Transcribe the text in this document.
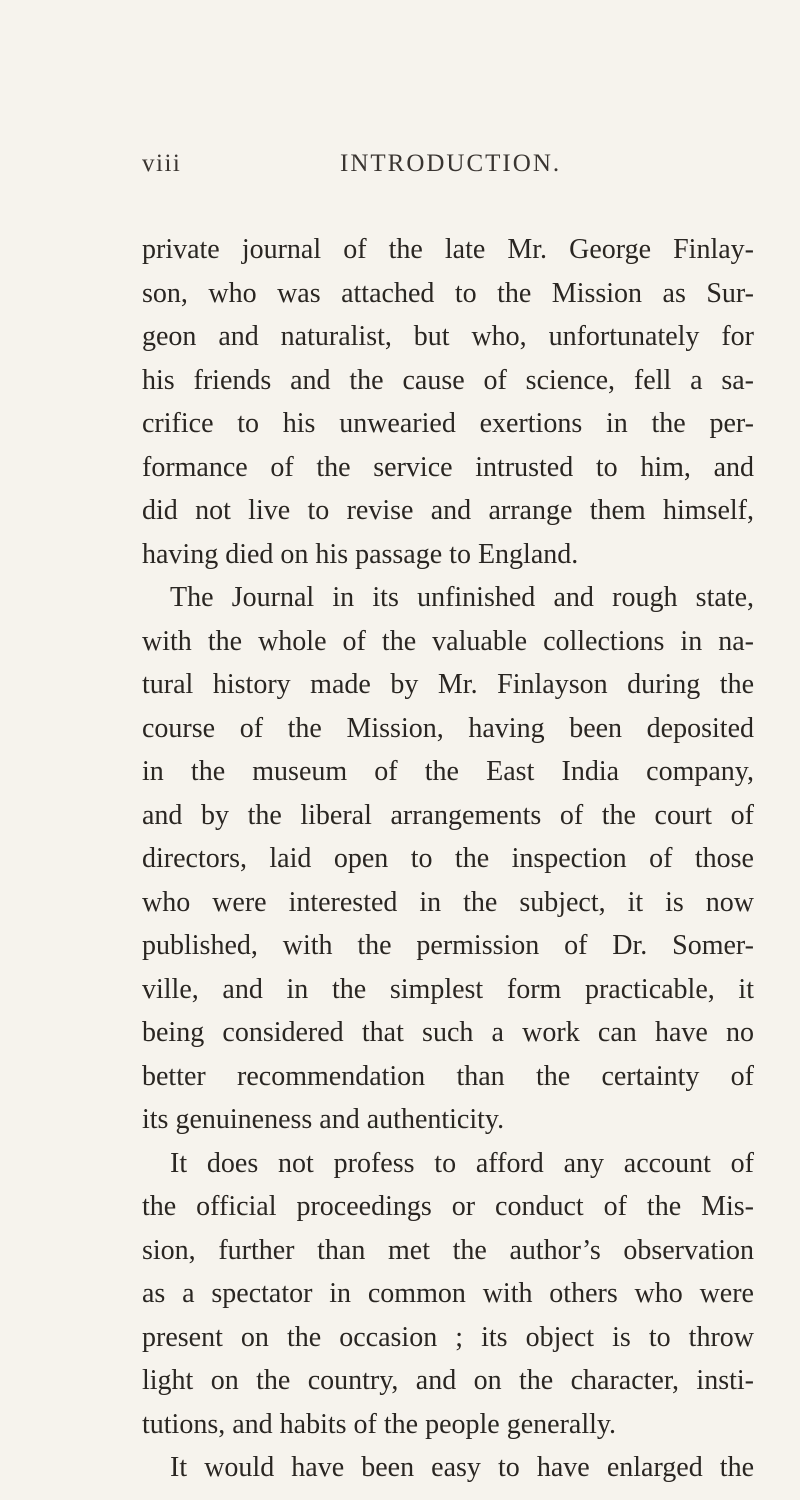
viii	INTRODUCTION.
private journal of the late Mr. George Finlay-
son, who was attached to the Mission as Sur-
geon and naturalist, but who, unfortunately for
his friends and the cause of science, fell a sa-
crifice to his unwearied exertions in the per-
formance of the service intrusted to him, and
did not live to revise and arrange them himself,
having died on his passage to England.
The Journal in its unfinished and rough state,
with the whole of the valuable collections in na-
tural history made by Mr. Finlayson during the
course of the Mission, having been deposited
in the museum of the East India company,
and by the liberal arrangements of the court of
directors, laid open to the inspection of those
who were interested in the subject, it is now
published, with the permission of Dr. Somer-
ville, and in the simplest form practicable, it
being considered that such a work can have no
better recommendation than the certainty of
its genuineness and authenticity.
It does not profess to afford any account of
the official proceedings or conduct of the Mis-
sion, further than met the author’s observation
as a spectator in common with others who were
present on the occasion ; its object is to throw
light on the country, and on the character, insti-
tutions, and habits of the people generally.
It would have been easy to have enlarged the
